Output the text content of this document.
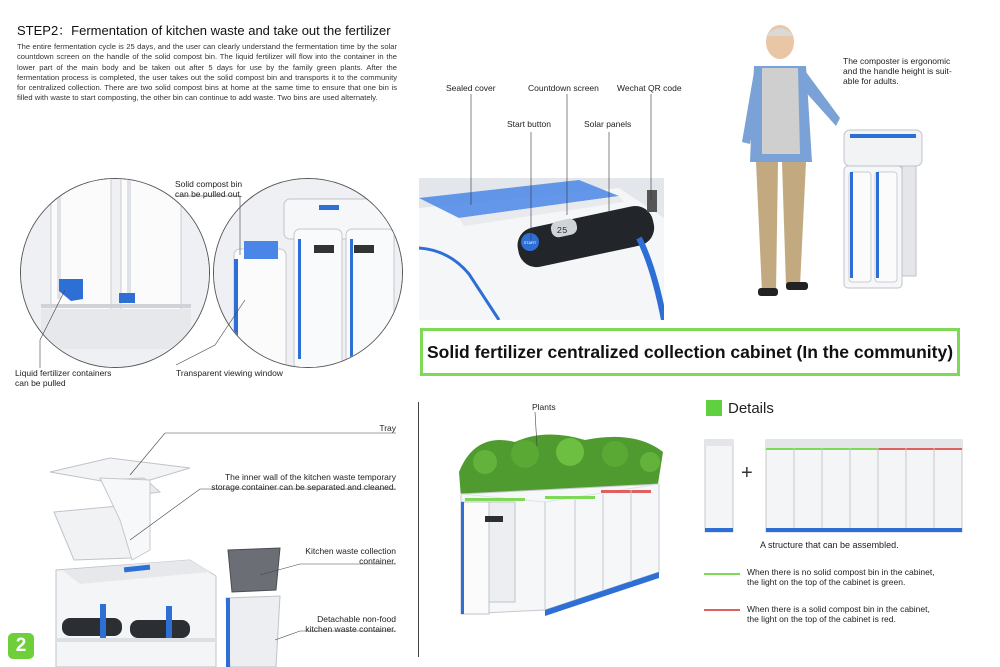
STEP2：Fermentation of kitchen waste and take out the fertilizer
The entire fermentation cycle is 25 days, and the user can clearly understand the fermentation time by the solar countdown screen on the handle of the solid compost bin. The liquid fertilizer will flow into the container in the lower part of the main body and be taken out after 5 days for use by the family green plants. After the fermentation process is completed, the user takes out the solid compost bin and transports it to the community for centralized collection. There are two solid compost bins at home at the same time to ensure that one bin is filled with waste to start composting, the other bin can continue to add waste. Two bins are used alternately.
Solid compost bin
can be pulled out.
Liquid fertilizer containers
can be pulled
Transparent viewing window
START
25
Sealed cover	Countdown screen Wechat QR code
Start button	Solar panels
The composter is ergonomic
and the handle height is suit-
able for adults.
Solid fertilizer centralized collection cabinet (In the community)
Tray
The inner wall of the kitchen waste temporary
storage container can be separated and cleaned.
Kitchen waste collection
container.
Detachable non-food
kitchen waste container.
Plants	Details
+
A structure that can be assembled.
When there is no solid compost bin in the cabinet,
the light on the top of the cabinet is green.
When there is a solid compost bin in the cabinet,
the light on the top of the cabinet is red.
2
